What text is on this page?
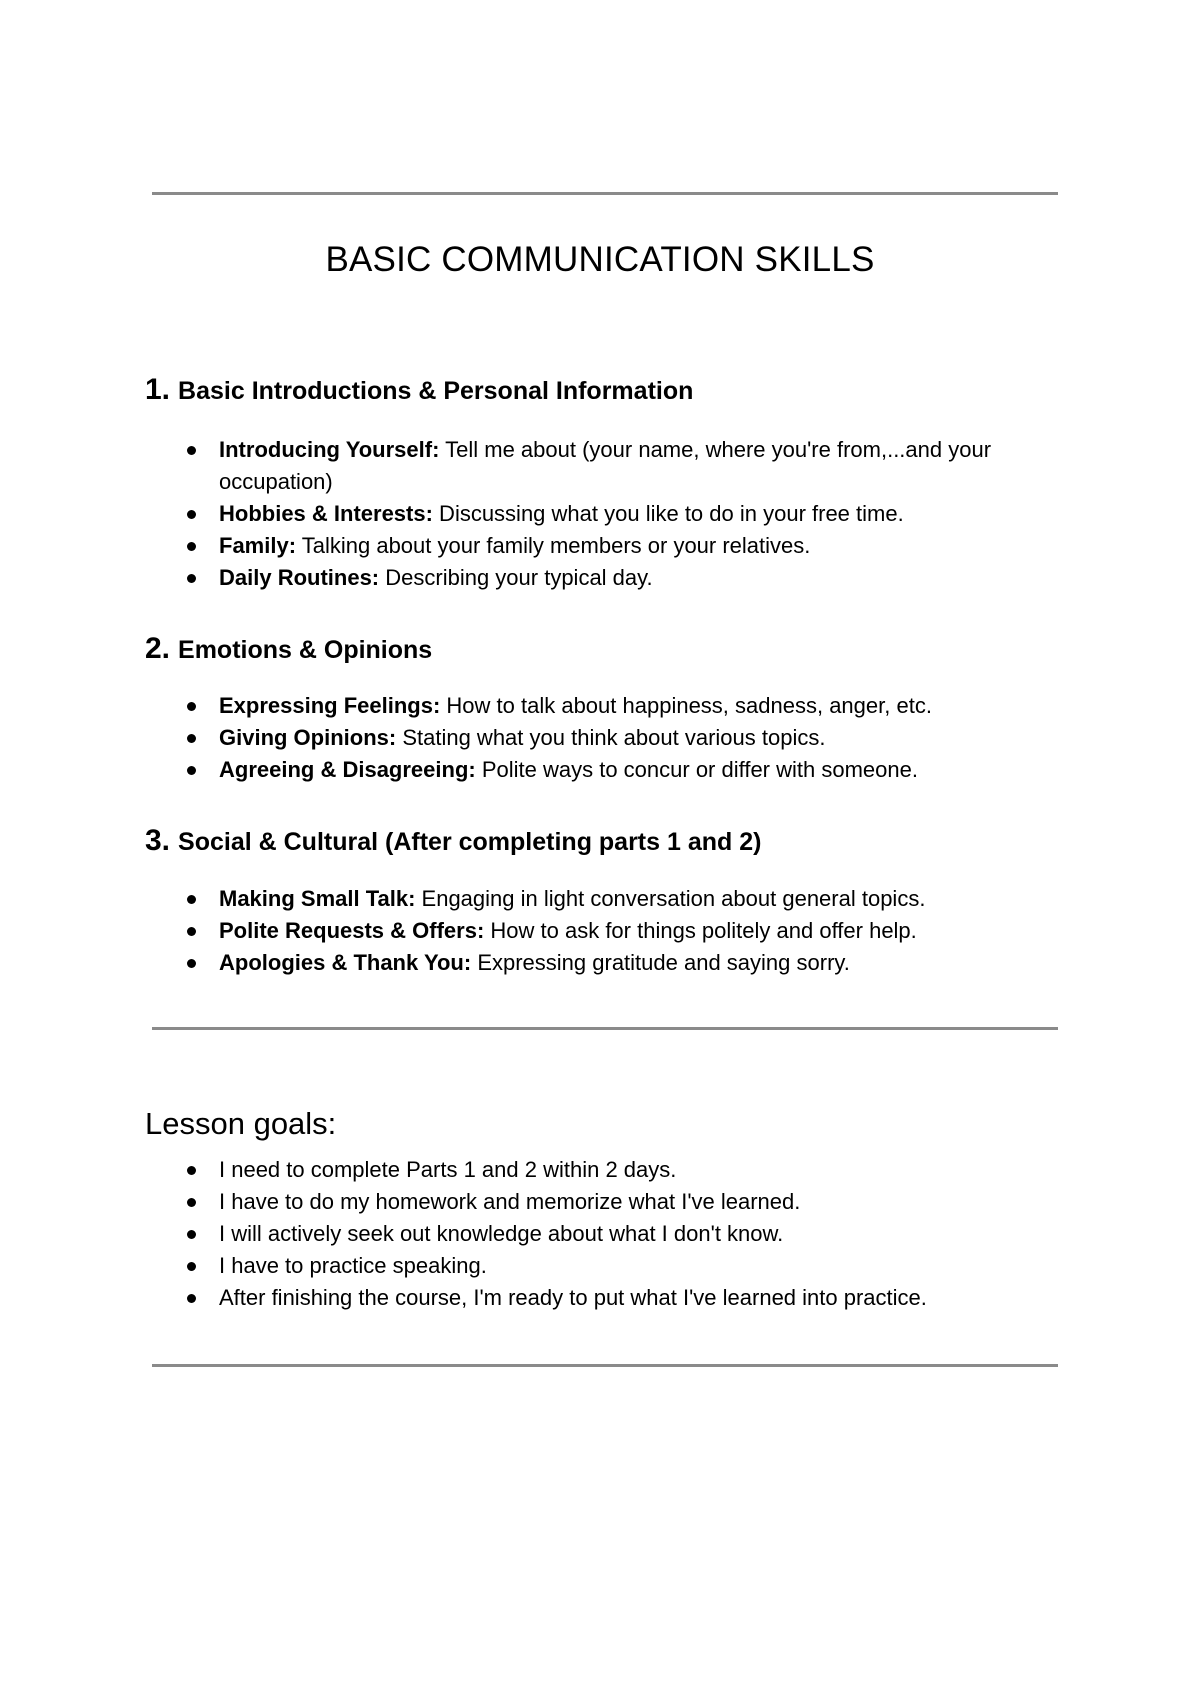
BASIC COMMUNICATION SKILLS
1. Basic Introductions & Personal Information
Introducing Yourself: Tell me about (your name, where you're from,...and your occupation)
Hobbies & Interests: Discussing what you like to do in your free time.
Family: Talking about your family members or your relatives.
Daily Routines: Describing your typical day.
2. Emotions & Opinions
Expressing Feelings: How to talk about happiness, sadness, anger, etc.
Giving Opinions: Stating what you think about various topics.
Agreeing & Disagreeing: Polite ways to concur or differ with someone.
3. Social & Cultural (After completing parts 1 and 2)
Making Small Talk: Engaging in light conversation about general topics.
Polite Requests & Offers: How to ask for things politely and offer help.
Apologies & Thank You: Expressing gratitude and saying sorry.
Lesson goals:
I need to complete Parts 1 and 2 within 2 days.
I have to do my homework and memorize what I've learned.
I will actively seek out knowledge about what I don't know.
I have to practice speaking.
After finishing the course, I'm ready to put what I've learned into practice.
